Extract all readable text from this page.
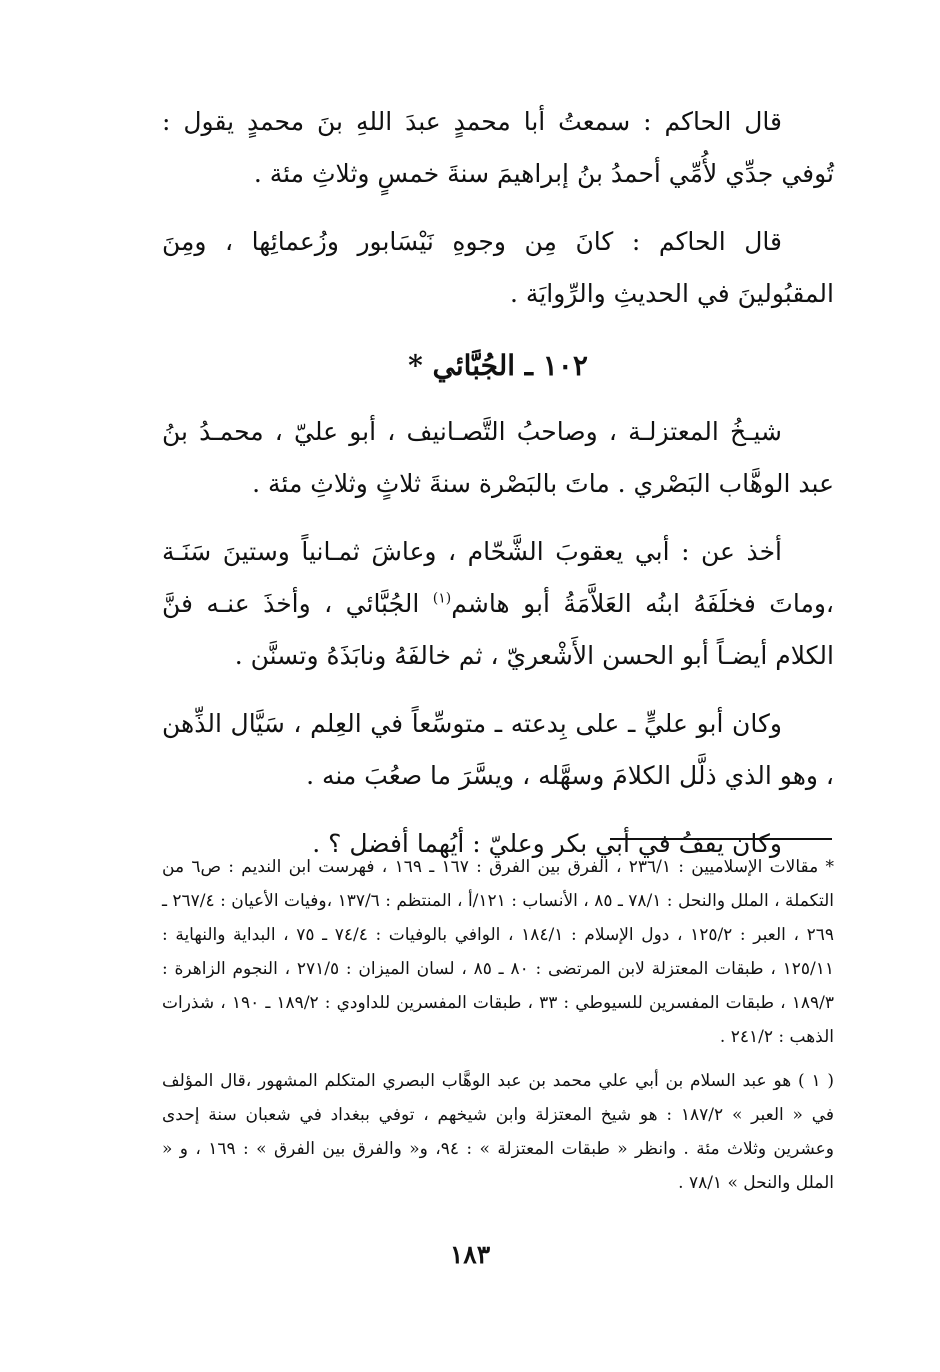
قال الحاكم : سمعتُ أبا محمدٍ عبدَ اللهِ بنَ محمدٍ يقول : تُوفي جدِّي لأُمِّي أحمدُ بنُ إبراهيمَ سنةَ خمسٍ وثلاثِ مئة .

قال الحاكم : كانَ مِن وجوهِ نَيْسَابور وزُعمائِها ، ومِنَ المقبُولينَ في الحديثِ والرِّوايَة .

١٠٢ ـ الجُبَّائي *

شيـخُ المعتزلـة ، وصاحبُ التَّصـانيف ، أبو عليّ ، محمـدُ بنُ عبد الوهَّاب البَصْري . ماتَ بالبَصْرة سنةَ ثلاثٍ وثلاثِ مئة .

أخذ عن : أبي يعقوبَ الشَّحّام ، وعاشَ ثمـانياً وستينَ سَنَـة ،وماتَ فخلَفَهُ ابنُه العَلاَّمَةُ أبو هاشم$^{(١)}$ الجُبَّائي ، وأخذَ عنـه فنَّ الكلام أيضـاً أبو الحسن الأَشْعريّ ، ثم خالفَهُ ونابَذَهُ وتسنَّن .

وكان أبو عليٍّ ـ على بِدعته ـ متوسِّعاً في العِلم ، سَيَّال الذِّهن ، وهو الذي ذلَّل الكلامَ وسهَّله ، ويسَّرَ ما صعُبَ منه .

وكان يقفُ في أبي بكر وعليّ : أيُهما أفضل ؟ .

* مقالات الإسلاميين : ٢٣٦/١ ، الفرق بين الفرق : ١٦٧ ـ ١٦٩ ، فهرست ابن النديم : ص٦ من التكملة ، الملل والنحل : ٧٨/١ ـ ٨٥ ، الأنساب : ١٢١/أ ، المنتظم : ١٣٧/٦ ،وفيات الأعيان : ٢٦٧/٤ ـ ٢٦٩ ، العبر : ١٢٥/٢ ، دول الإسلام : ١٨٤/١ ، الوافي بالوفيات : ٧٤/٤ ـ ٧٥ ، البداية والنهاية : ١٢٥/١١ ، طبقات المعتزلة لابن المرتضى : ٨٠ ـ ٨٥ ، لسان الميزان : ٢٧١/٥ ، النجوم الزاهرة : ١٨٩/٣ ، طبقات المفسرين للسيوطي : ٣٣ ، طبقات المفسرين للداودي : ١٨٩/٢ ـ ١٩٠ ، شذرات الذهب : ٢٤١/٢ .

( ١ ) هو عبد السلام بن أبي علي محمد بن عبد الوهَّاب البصري المتكلم المشهور ،قال المؤلف في « العبر » ١٨٧/٢ : هو شيخ المعتزلة وابن شيخهم ، توفي ببغداد في شعبان سنة إحدى وعشرين وثلاث مئة . وانظر « طبقات المعتزلة » : ٩٤، و« والفرق بين الفرق » : ١٦٩ ، و « الملل والنحل » ٧٨/١ .

١٨٣
